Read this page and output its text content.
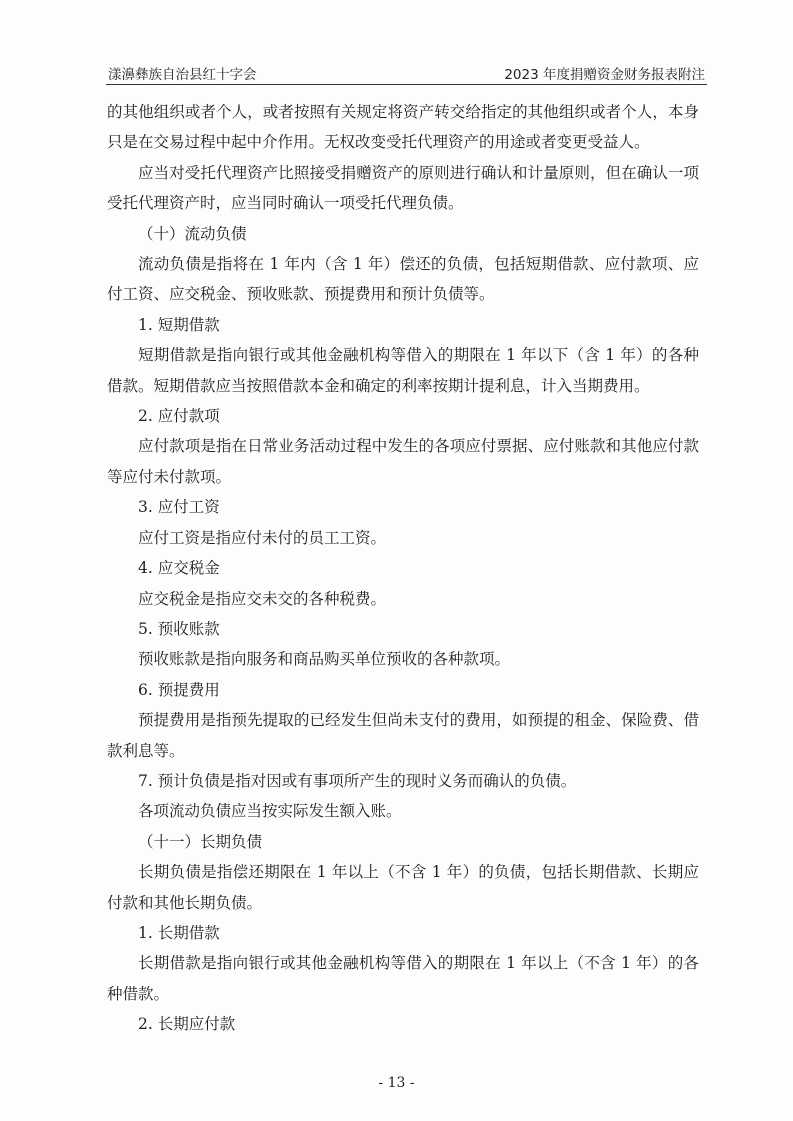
漾濞彝族自治县红十字会	2023 年度捐赠资金财务报表附注

的其他组织或者个人，或者按照有关规定将资产转交给指定的其他组织或者个人，本身只是在交易过程中起中介作用。无权改变受托代理资产的用途或者变更受益人。

应当对受托代理资产比照接受捐赠资产的原则进行确认和计量原则，但在确认一项受托代理资产时，应当同时确认一项受托代理负债。

（十）流动负债

流动负债是指将在 1 年内（含 1 年）偿还的负债，包括短期借款、应付款项、应付工资、应交税金、预收账款、预提费用和预计负债等。

1. 短期借款

短期借款是指向银行或其他金融机构等借入的期限在 1 年以下（含 1 年）的各种借款。短期借款应当按照借款本金和确定的利率按期计提利息，计入当期费用。

2. 应付款项

应付款项是指在日常业务活动过程中发生的各项应付票据、应付账款和其他应付款等应付未付款项。

3. 应付工资

应付工资是指应付未付的员工工资。

4. 应交税金

应交税金是指应交未交的各种税费。

5. 预收账款

预收账款是指向服务和商品购买单位预收的各种款项。

6. 预提费用

预提费用是指预先提取的已经发生但尚未支付的费用，如预提的租金、保险费、借款利息等。

7. 预计负债是指对因或有事项所产生的现时义务而确认的负债。

各项流动负债应当按实际发生额入账。

（十一）长期负债

长期负债是指偿还期限在 1 年以上（不含 1 年）的负债，包括长期借款、长期应付款和其他长期负债。

1. 长期借款

长期借款是指向银行或其他金融机构等借入的期限在 1 年以上（不含 1 年）的各种借款。

2. 长期应付款

- 13 -
